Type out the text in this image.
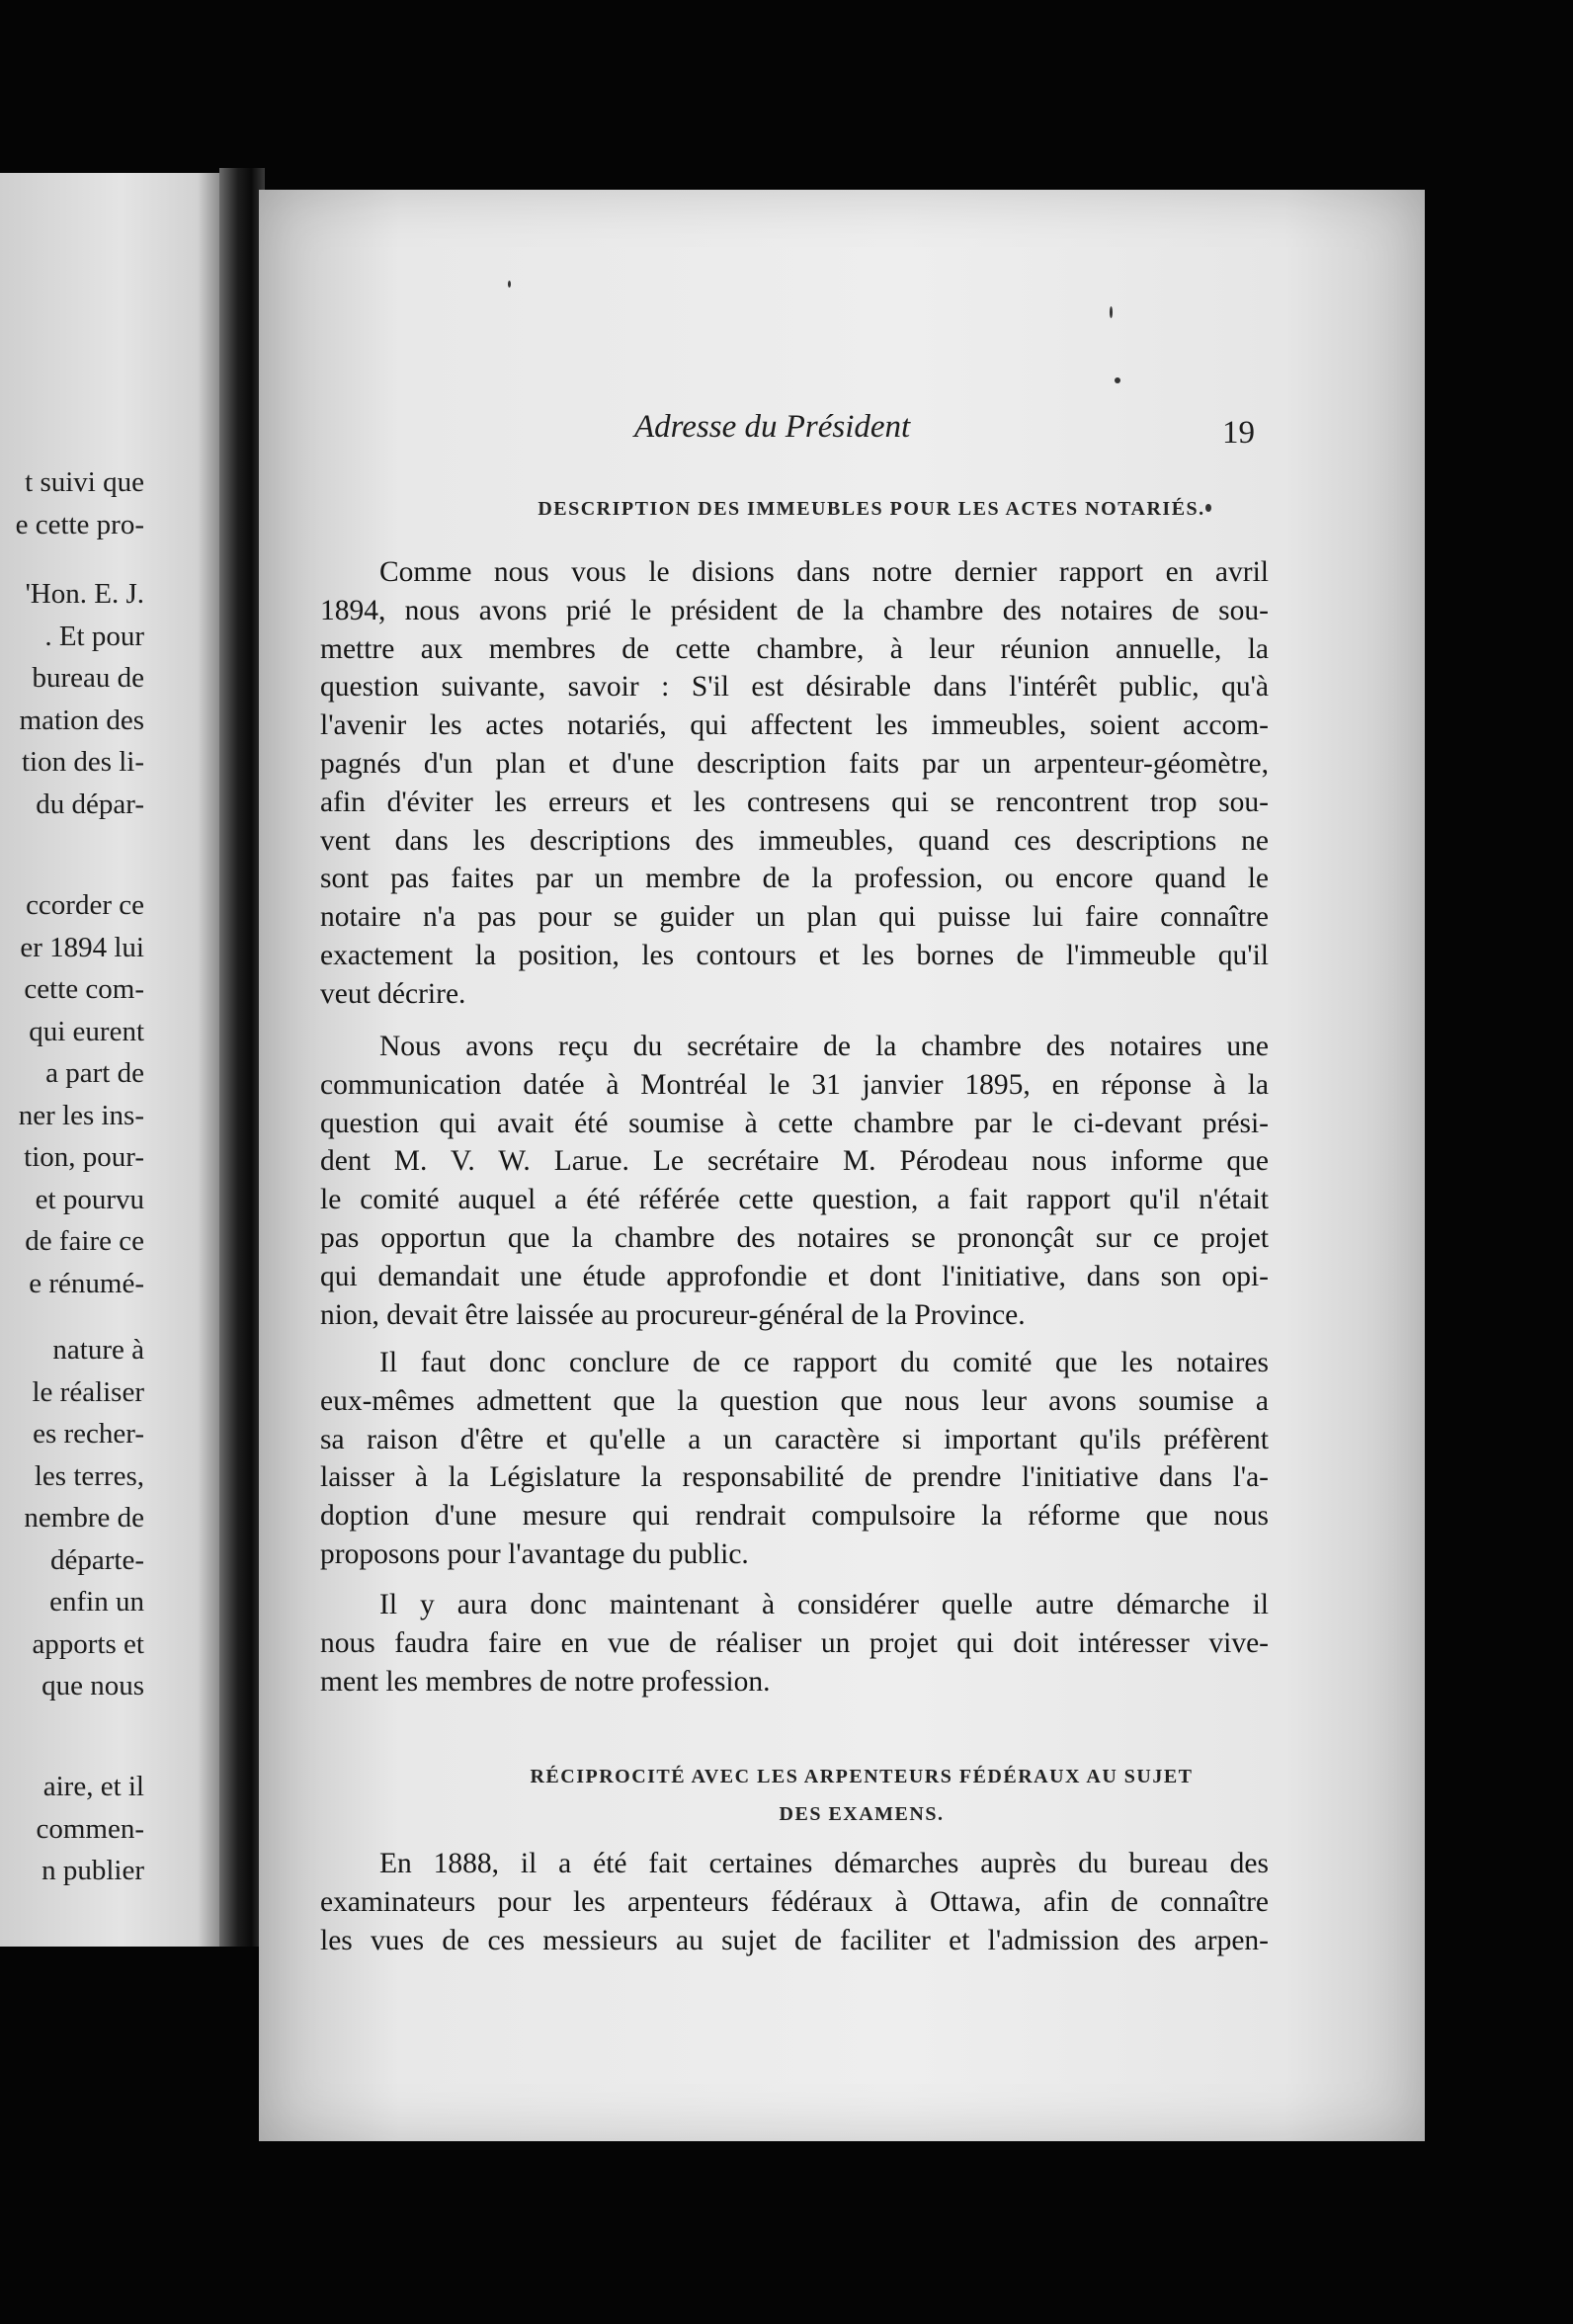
t suivi que
e cette pro-
'Hon. E. J.
. Et pour
bureau de
mation des
tion des li-
du dépar-
ccorder ce
er 1894 lui
cette com-
qui eurent
a part de
ner les ins-
tion, pour-
et pourvu
de faire ce
e rénumé-
nature à
le réaliser
es recher-
les terres,
nembre de
départe-
enfin un
apports et
que nous
aire, et il
commen-
n publier
Adresse du Président	19
DESCRIPTION DES IMMEUBLES POUR LES ACTES NOTARIÉS.
Comme nous vous le disions dans notre dernier rapport en avril
1894, nous avons prié le président de la chambre des notaires de sou-
mettre aux membres de cette chambre, à leur réunion annuelle, la
question suivante, savoir : S'il est désirable dans l'intérêt public, qu'à
l'avenir les actes notariés, qui affectent les immeubles, soient accom-
pagnés d'un plan et d'une description faits par un arpenteur-géomètre,
afin d'éviter les erreurs et les contresens qui se rencontrent trop sou-
vent dans les descriptions des immeubles, quand ces descriptions ne
sont pas faites par un membre de la profession, ou encore quand le
notaire n'a pas pour se guider un plan qui puisse lui faire connaître
exactement la position, les contours et les bornes de l'immeuble qu'il
veut décrire.
Nous avons reçu du secrétaire de la chambre des notaires une
communication datée à Montréal le 31 janvier 1895, en réponse à la
question qui avait été soumise à cette chambre par le ci-devant prési-
dent M. V. W. Larue. Le secrétaire M. Pérodeau nous informe que
le comité auquel a été référée cette question, a fait rapport qu'il n'était
pas opportun que la chambre des notaires se prononçât sur ce projet
qui demandait une étude approfondie et dont l'initiative, dans son opi-
nion, devait être laissée au procureur-général de la Province.
Il faut donc conclure de ce rapport du comité que les notaires
eux-mêmes admettent que la question que nous leur avons soumise a
sa raison d'être et qu'elle a un caractère si important qu'ils préfèrent
laisser à la Législature la responsabilité de prendre l'initiative dans l'a-
doption d'une mesure qui rendrait compulsoire la réforme que nous
proposons pour l'avantage du public.
Il y aura donc maintenant à considérer quelle autre démarche il
nous faudra faire en vue de réaliser un projet qui doit intéresser vive-
ment les membres de notre profession.
RÉCIPROCITÉ AVEC LES ARPENTEURS FÉDÉRAUX AU SUJET
DES EXAMENS.
En 1888, il a été fait certaines démarches auprès du bureau des
examinateurs pour les arpenteurs fédéraux à Ottawa, afin de connaître
les vues de ces messieurs au sujet de faciliter et l'admission des arpen-
